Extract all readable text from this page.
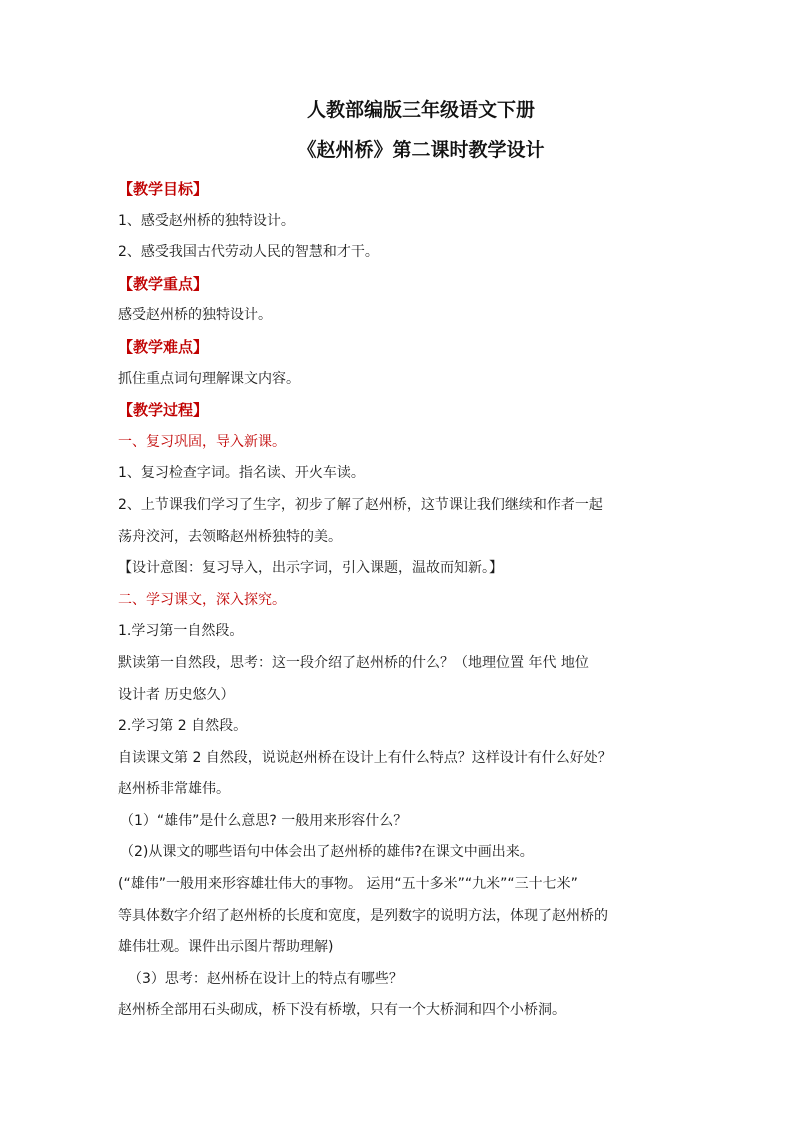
人教部编版三年级语文下册

《赵州桥》第二课时教学设计

【教学目标】

1、感受赵州桥的独特设计。

2、感受我国古代劳动人民的智慧和才干。

【教学重点】

感受赵州桥的独特设计。

【教学难点】

抓住重点词句理解课文内容。

【教学过程】

一、复习巩固，导入新课。

1、复习检查字词。指名读、开火车读。

2、上节课我们学习了生字，初步了解了赵州桥，这节课让我们继续和作者一起

荡舟洨河，去领略赵州桥独特的美。

【设计意图：复习导入，出示字词，引入课题，温故而知新。】

二、学习课文，深入探究。

1.学习第一自然段。

默读第一自然段，思考：这一段介绍了赵州桥的什么？（地理位置 年代 地位

设计者 历史悠久）

2.学习第 2 自然段。

自读课文第 2 自然段，说说赵州桥在设计上有什么特点？这样设计有什么好处？

赵州桥非常雄伟。

（1）“雄伟”是什么意思? 一般用来形容什么？

（2)从课文的哪些语句中体会出了赵州桥的雄伟?在课文中画出来。

(“雄伟”一般用来形容雄壮伟大的事物。 运用“五十多米”“九米”“三十七米”

等具体数字介绍了赵州桥的长度和宽度，是列数字的说明方法，体现了赵州桥的

雄伟壮观。课件出示图片帮助理解)

（3）思考：赵州桥在设计上的特点有哪些？

赵州桥全部用石头砌成，桥下没有桥墩，只有一个大桥洞和四个小桥洞。
